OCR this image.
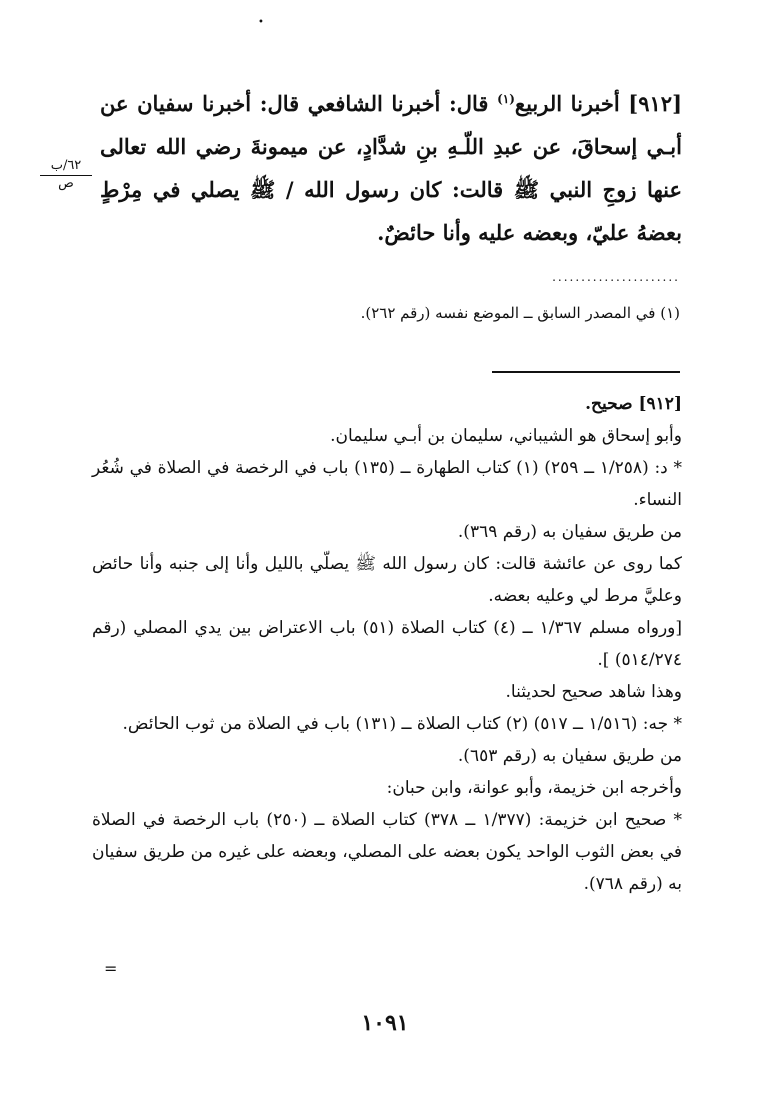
•

[٩١٢] أخبرنا الربيع$^{(١)}$ قال: أخبرنا الشافعي قال: أخبرنا سفيان عن أبـي إسحاقَ، عن عبدِ اللّـهِ بنِ شدَّادٍ، عن ميمونةَ رضي الله تعالى عنها زوجِ النبي ﷺ قالت: كان رسول الله / ﷺ يصلي في مِرْطٍ بعضهُ عليّ، وبعضه عليه وأنا حائضٌ.

٦٢/ب
ص
......................
(١) في المصدر السابق ــ الموضع نفسه (رقم ٢٦٢).

[٩١٢] صحيح.

وأبو إسحاق هو الشيباني، سليمان بن أبـي سليمان.

* د: (١/٢٥٨ ــ ٢٥٩) (١) كتاب الطهارة ــ (١٣٥) باب في الرخصة في الصلاة في شُعُر النساء.

من طريق سفيان به (رقم ٣٦٩).

كما روى عن عائشة قالت: كان رسول الله ﷺ يصلّي بالليل وأنا إلى جنبه وأنا حائض وعليَّ مرط لي وعليه بعضه.

[ورواه مسلم ١/٣٦٧ ــ (٤) كتاب الصلاة (٥١) باب الاعتراض بين يدي المصلي (رقم ٥١٤/٢٧٤) ].

وهذا شاهد صحيح لحديثنا.

* جه: (١/٥١٦ ــ ٥١٧) (٢) كتاب الصلاة ــ (١٣١) باب في الصلاة من ثوب الحائض.

من طريق سفيان به (رقم ٦٥٣).

وأخرجه ابن خزيمة، وأبو عوانة، وابن حبان:

* صحيح ابن خزيمة: (١/٣٧٧ ــ ٣٧٨) كتاب الصلاة ــ (٢٥٠) باب الرخصة في الصلاة في بعض الثوب الواحد يكون بعضه على المصلي، وبعضه على غيره من طريق سفيان به (رقم ٧٦٨).

=
١٠٩١
